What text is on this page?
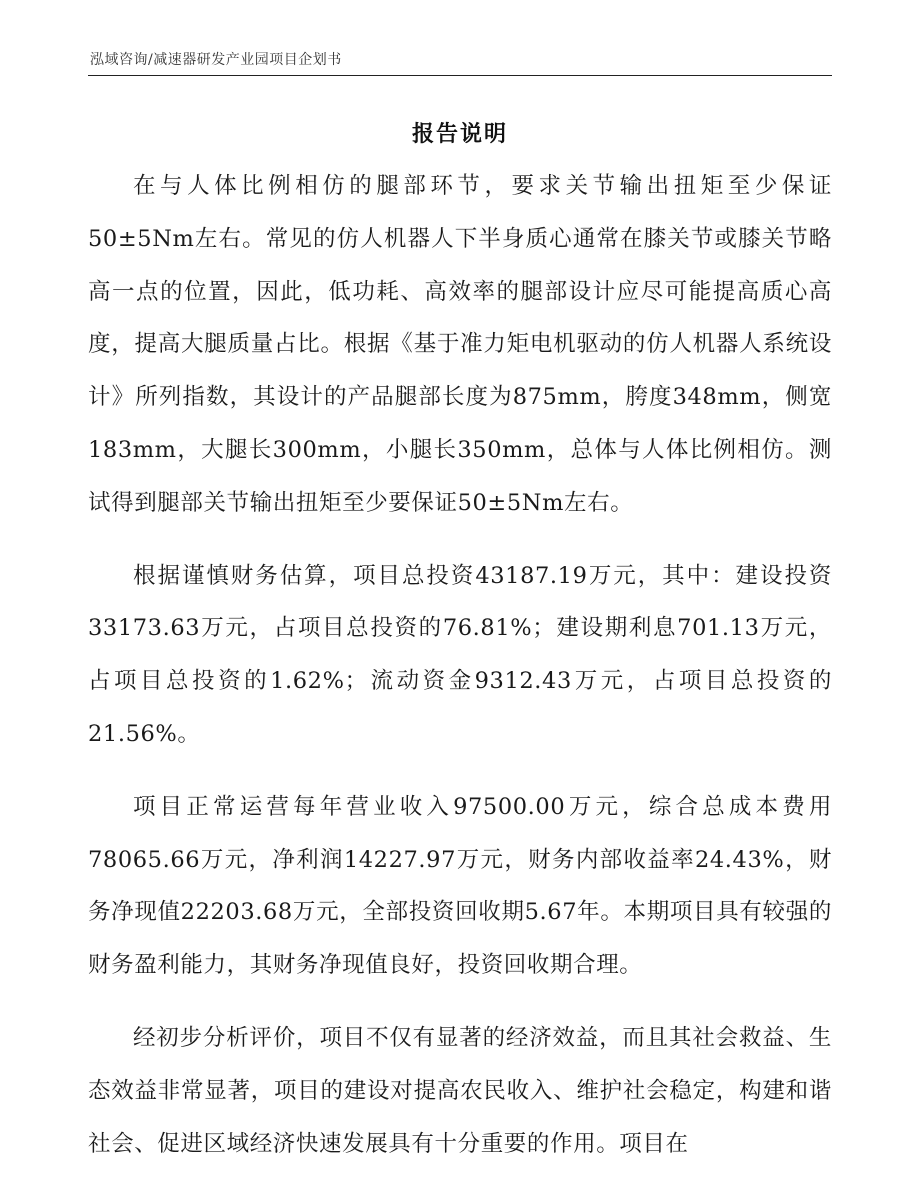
泓域咨询/减速器研发产业园项目企划书
报告说明

在与人体比例相仿的腿部环节，要求关节输出扭矩至少保证50±5Nm左右。常见的仿人机器人下半身质心通常在膝关节或膝关节略高一点的位置，因此，低功耗、高效率的腿部设计应尽可能提高质心高度，提高大腿质量占比。根据《基于准力矩电机驱动的仿人机器人系统设计》所列指数，其设计的产品腿部长度为875mm，胯度348mm，侧宽183mm，大腿长300mm，小腿长350mm，总体与人体比例相仿。测试得到腿部关节输出扭矩至少要保证50±5Nm左右。

根据谨慎财务估算，项目总投资43187.19万元，其中：建设投资33173.63万元，占项目总投资的76.81%；建设期利息701.13万元，占项目总投资的1.62%；流动资金9312.43万元，占项目总投资的21.56%。

项目正常运营每年营业收入97500.00万元，综合总成本费用78065.66万元，净利润14227.97万元，财务内部收益率24.43%，财务净现值22203.68万元，全部投资回收期5.67年。本期项目具有较强的财务盈利能力，其财务净现值良好，投资回收期合理。

经初步分析评价，项目不仅有显著的经济效益，而且其社会救益、生态效益非常显著，项目的建设对提高农民收入、维护社会稳定，构建和谐社会、促进区域经济快速发展具有十分重要的作用。项目在
